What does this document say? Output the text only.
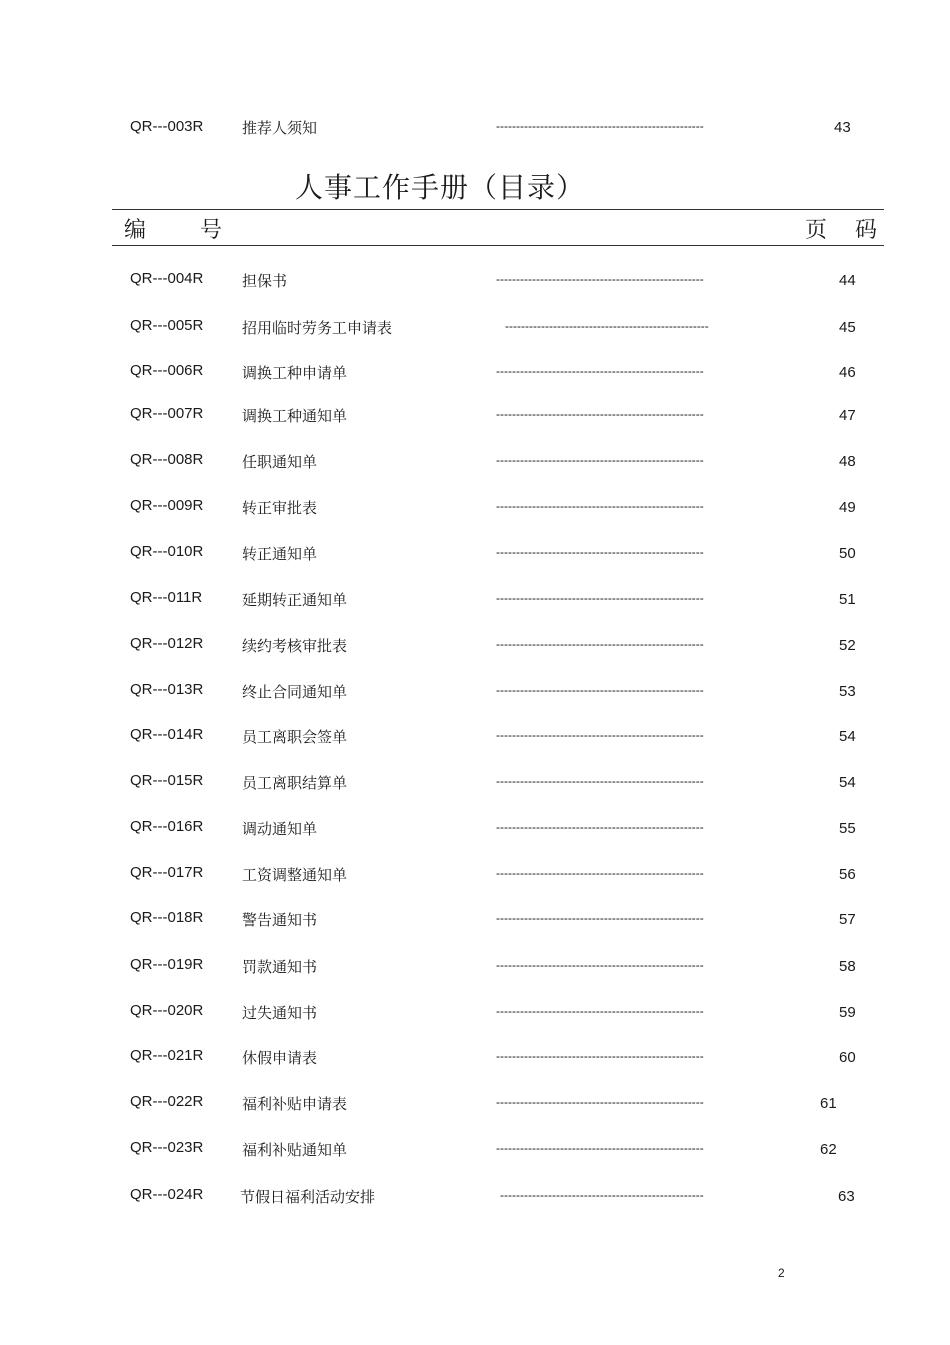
QR---003R	推荐人须知	----------------------------------------------------	43
人事工作手册（目录）
编 号	页 码
QR---004R	担保书	----------------------------------------------------	44
QR---005R	招用临时劳务工申请表	---------------------------------------------------	45
QR---006R	调换工种申请单	----------------------------------------------------	46
QR---007R	调换工种通知单	----------------------------------------------------	47
QR---008R	任职通知单	----------------------------------------------------	48
QR---009R	转正审批表	----------------------------------------------------	49
QR---010R	转正通知单	----------------------------------------------------	50
QR---011R	延期转正通知单	----------------------------------------------------	51
QR---012R	续约考核审批表	----------------------------------------------------	52
QR---013R	终止合同通知单	----------------------------------------------------	53
QR---014R	员工离职会签单	----------------------------------------------------	54
QR---015R	员工离职结算单	----------------------------------------------------	54
QR---016R	调动通知单	----------------------------------------------------	55
QR---017R	工资调整通知单	----------------------------------------------------	56
QR---018R	警告通知书	----------------------------------------------------	57
QR---019R	罚款通知书	----------------------------------------------------	58
QR---020R	过失通知书	----------------------------------------------------	59
QR---021R	休假申请表	----------------------------------------------------	60
QR---022R	福利补贴申请表	----------------------------------------------------	61
QR---023R	福利补贴通知单	----------------------------------------------------	62
QR---024R 节假日福利活动安排	---------------------------------------------------	63
2
